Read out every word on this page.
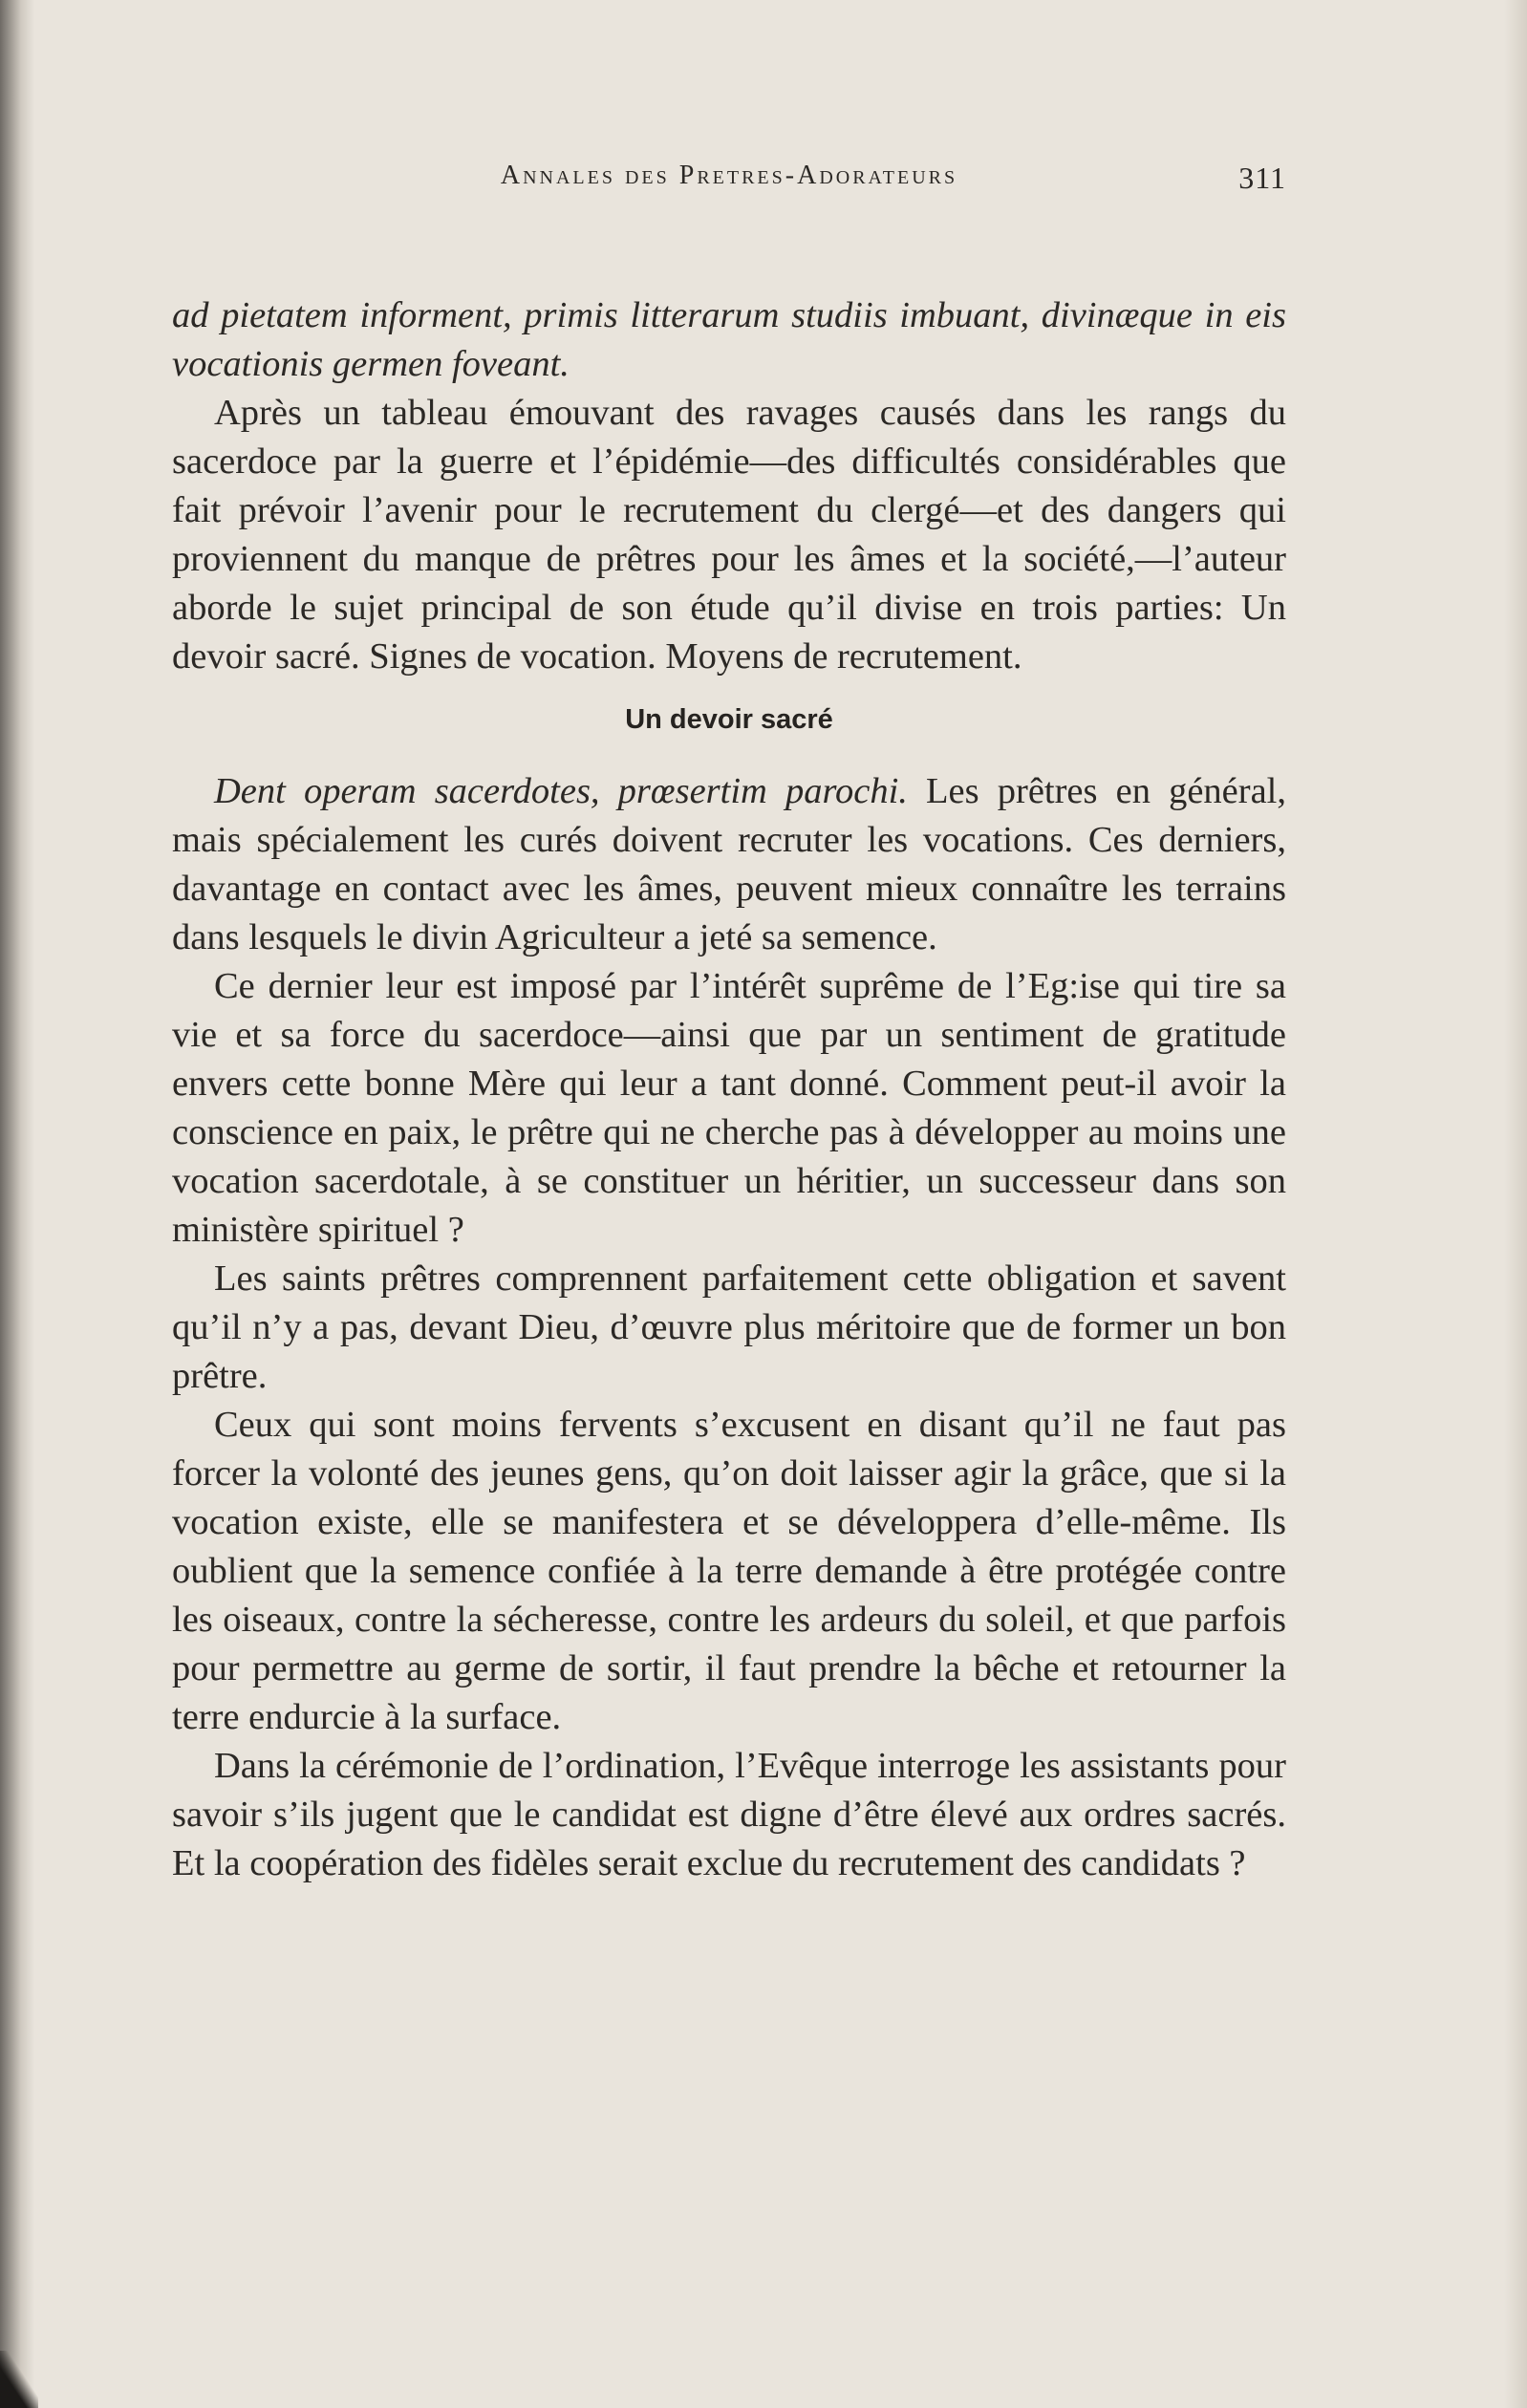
Annales des Pretres-Adorateurs	311

ad pietatem informent, primis litterarum studiis imbuant, divinæque in eis vocationis germen foveant.

Après un tableau émouvant des ravages causés dans les rangs du sacerdoce par la guerre et l’épidémie—des difficultés considérables que fait prévoir l’avenir pour le recrutement du clergé—et des dangers qui proviennent du manque de prêtres pour les âmes et la société,—l’auteur aborde le sujet principal de son étude qu’il divise en trois parties: Un devoir sacré. Signes de vocation. Moyens de recrutement.

Un devoir sacré

Dent operam sacerdotes, prœsertim parochi. Les prêtres en général, mais spécialement les curés doivent recruter les vocations. Ces derniers, davantage en contact avec les âmes, peuvent mieux connaître les terrains dans lesquels le divin Agriculteur a jeté sa semence.

Ce dernier leur est imposé par l’intérêt suprême de l’Eg:ise qui tire sa vie et sa force du sacerdoce—ainsi que par un sentiment de gratitude envers cette bonne Mère qui leur a tant donné. Comment peut-il avoir la conscience en paix, le prêtre qui ne cherche pas à développer au moins une vocation sacerdotale, à se constituer un héritier, un successeur dans son ministère spirituel ?

Les saints prêtres comprennent parfaitement cette obligation et savent qu’il n’y a pas, devant Dieu, d’œuvre plus méritoire que de former un bon prêtre.

Ceux qui sont moins fervents s’excusent en disant qu’il ne faut pas forcer la volonté des jeunes gens, qu’on doit laisser agir la grâce, que si la vocation existe, elle se manifestera et se développera d’elle-même. Ils oublient que la semence confiée à la terre demande à être protégée contre les oiseaux, contre la sécheresse, contre les ardeurs du soleil, et que parfois pour permettre au germe de sortir, il faut prendre la bêche et retourner la terre endurcie à la surface.

Dans la cérémonie de l’ordination, l’Evêque interroge les assistants pour savoir s’ils jugent que le candidat est digne d’être élevé aux ordres sacrés. Et la coopération des fidèles serait exclue du recrutement des candidats ?
